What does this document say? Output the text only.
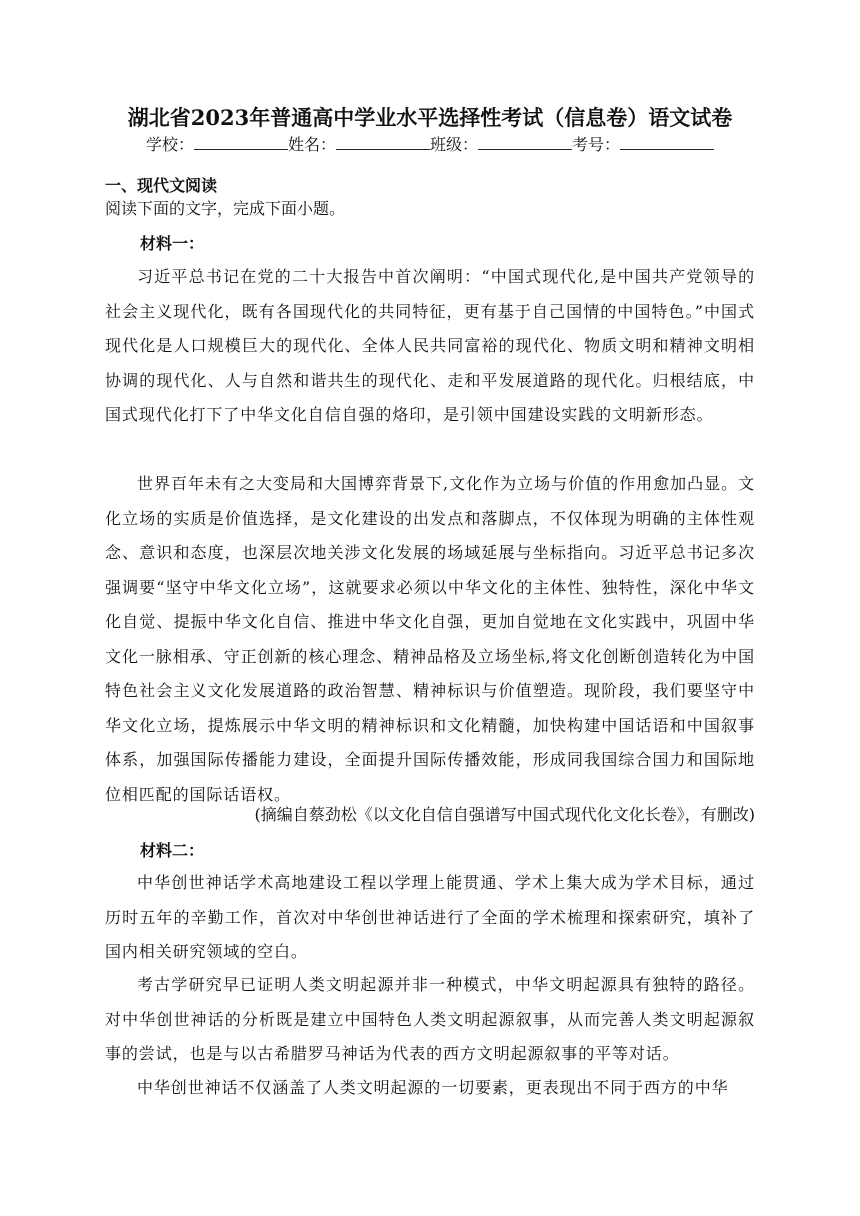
湖北省2023年普通高中学业水平选择性考试（信息卷）语文试卷
学校：	姓名：	班级：	考号：
一、现代文阅读
阅读下面的文字，完成下面小题。
材料一：
习近平总书记在党的二十大报告中首次阐明：“中国式现代化,是中国共产党领导的社会主义现代化，既有各国现代化的共同特征，更有基于自己国情的中国特色。”中国式现代化是人口规模巨大的现代化、全体人民共同富裕的现代化、物质文明和精神文明相协调的现代化、人与自然和谐共生的现代化、走和平发展道路的现代化。归根结底，中国式现代化打下了中华文化自信自强的烙印，是引领中国建设实践的文明新形态。
世界百年未有之大变局和大国博弈背景下,文化作为立场与价值的作用愈加凸显。文化立场的实质是价值选择，是文化建设的出发点和落脚点，不仅体现为明确的主体性观念、意识和态度，也深层次地关涉文化发展的场域延展与坐标指向。习近平总书记多次强调要“坚守中华文化立场”，这就要求必须以中华文化的主体性、独特性，深化中华文化自觉、提振中华文化自信、推进中华文化自强，更加自觉地在文化实践中，巩固中华文化一脉相承、守正创新的核心理念、精神品格及立场坐标,将文化创断创造转化为中国特色社会主义文化发展道路的政治智慧、精神标识与价值塑造。现阶段，我们要坚守中华文化立场，提炼展示中华文明的精神标识和文化精髓，加快构建中国话语和中国叙事体系，加强国际传播能力建设，全面提升国际传播效能，形成同我国综合国力和国际地位相匹配的国际话语权。
(摘编自蔡劲松《以文化自信自强谱写中国式现代化文化长卷》，有删改)
材料二：
中华创世神话学术高地建设工程以学理上能贯通、学术上集大成为学术目标，通过历时五年的辛勤工作，首次对中华创世神话进行了全面的学术梳理和探索研究，填补了国内相关研究领域的空白。
考古学研究早已证明人类文明起源并非一种模式，中华文明起源具有独特的路径。对中华创世神话的分析既是建立中国特色人类文明起源叙事，从而完善人类文明起源叙事的尝试，也是与以古希腊罗马神话为代表的西方文明起源叙事的平等对话。
中华创世神话不仅涵盖了人类文明起源的一切要素，更表现出不同于西方的中华
